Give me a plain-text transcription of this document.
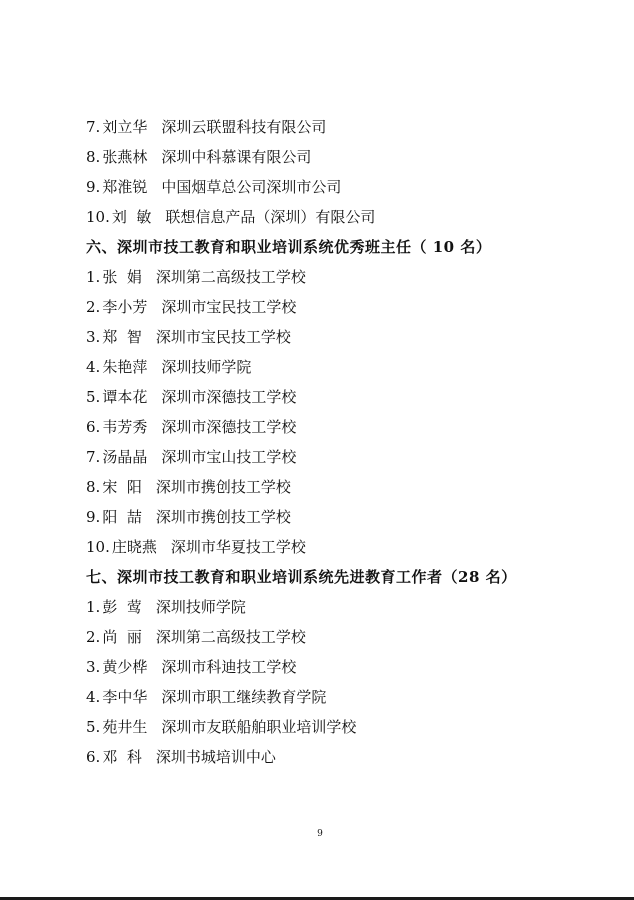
7. 刘立华 深圳云联盟科技有限公司
8. 张燕林 深圳中科慕课有限公司
9. 郑淮锐 中国烟草总公司深圳市公司
10. 刘  敏 联想信息产品（深圳）有限公司
六、深圳市技工教育和职业培训系统优秀班主任（ 10 名）
1. 张  娟 深圳第二高级技工学校
2. 李小芳 深圳市宝民技工学校
3. 郑  智 深圳市宝民技工学校
4. 朱艳萍 深圳技师学院
5. 谭本花 深圳市深德技工学校
6. 韦芳秀 深圳市深德技工学校
7. 汤晶晶 深圳市宝山技工学校
8. 宋  阳 深圳市携创技工学校
9. 阳  喆 深圳市携创技工学校
10. 庄晓燕 深圳市华夏技工学校
七、深圳市技工教育和职业培训系统先进教育工作者（28 名）
1. 彭  莺 深圳技师学院
2. 尚  丽 深圳第二高级技工学校
3. 黄少桦 深圳市科迪技工学校
4. 李中华 深圳市职工继续教育学院
5. 苑井生 深圳市友联船舶职业培训学校
6. 邓  科 深圳书城培训中心
9
